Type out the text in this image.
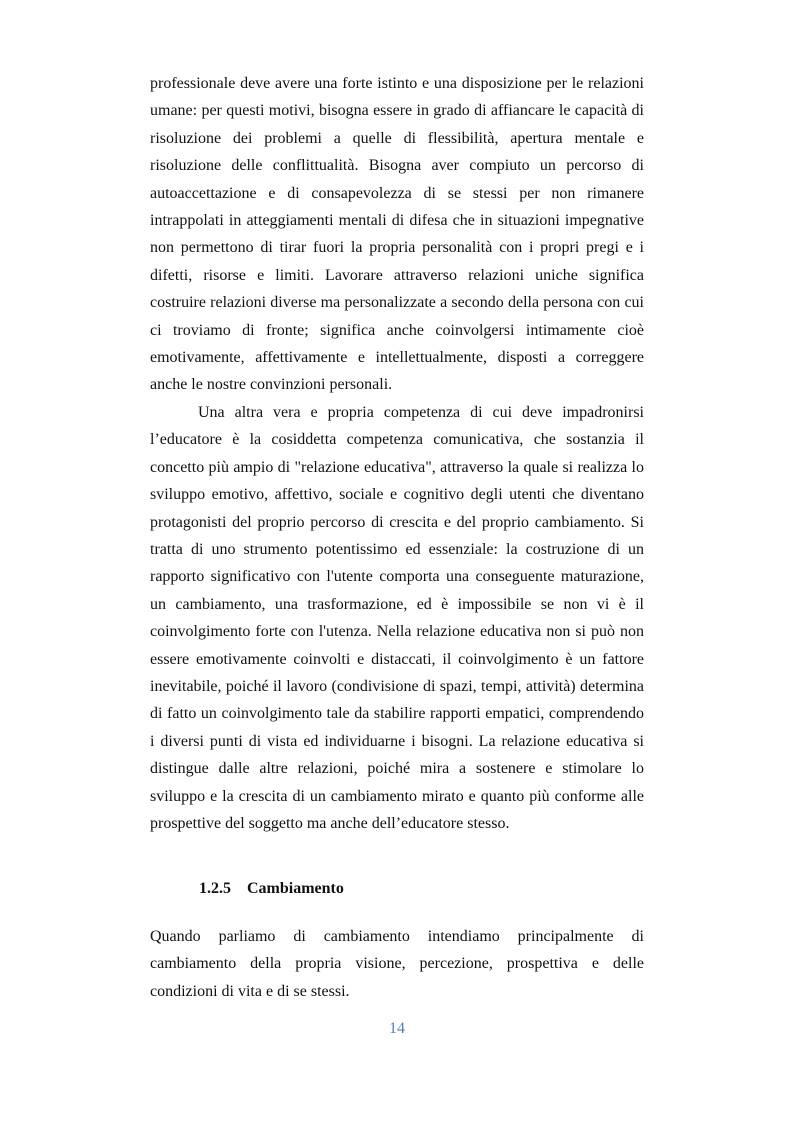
professionale deve avere una forte istinto e una disposizione per le relazioni umane: per questi motivi, bisogna essere in grado di affiancare le capacità di risoluzione dei problemi a quelle di flessibilità, apertura mentale e risoluzione delle conflittualità. Bisogna aver compiuto un percorso di autoaccettazione e di consapevolezza di se stessi per non rimanere intrappolati in atteggiamenti mentali di difesa che in situazioni impegnative non permettono di tirar fuori la propria personalità con i propri pregi e i difetti, risorse e limiti. Lavorare attraverso relazioni uniche significa costruire relazioni diverse ma personalizzate a secondo della persona con cui ci troviamo di fronte; significa anche coinvolgersi intimamente cioè emotivamente, affettivamente e intellettualmente, disposti a correggere anche le nostre convinzioni personali.

Una altra vera e propria competenza di cui deve impadronirsi l’educatore è la cosiddetta competenza comunicativa, che sostanzia il concetto più ampio di "relazione educativa", attraverso la quale si realizza lo sviluppo emotivo, affettivo, sociale e cognitivo degli utenti che diventano protagonisti del proprio percorso di crescita e del proprio cambiamento. Si tratta di uno strumento potentissimo ed essenziale: la costruzione di un rapporto significativo con l'utente comporta una conseguente maturazione, un cambiamento, una trasformazione, ed è impossibile se non vi è il coinvolgimento forte con l'utenza. Nella relazione educativa non si può non essere emotivamente coinvolti e distaccati, il coinvolgimento è un fattore inevitabile, poiché il lavoro (condivisione di spazi, tempi, attività) determina di fatto un coinvolgimento tale da stabilire rapporti empatici, comprendendo i diversi punti di vista ed individuarne i bisogni. La relazione educativa si distingue dalle altre relazioni, poiché mira a sostenere e stimolare lo sviluppo e la crescita di un cambiamento mirato e quanto più conforme alle prospettive del soggetto ma anche dell’educatore stesso.

1.2.5 Cambiamento

Quando parliamo di cambiamento intendiamo principalmente di cambiamento della propria visione, percezione, prospettiva e delle condizioni di vita e di se stessi.

14
